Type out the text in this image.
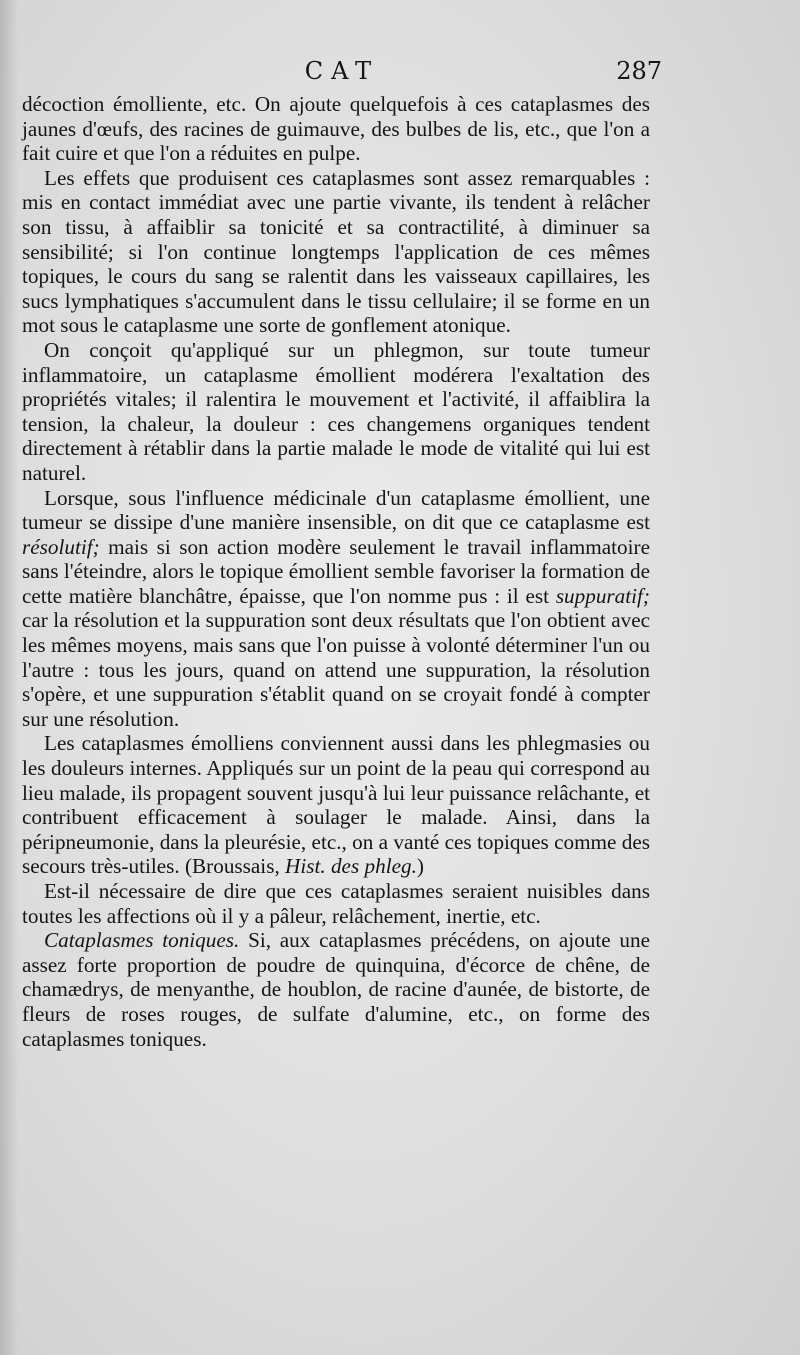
CAT	287

décoction émolliente, etc. On ajoute quelquefois à ces cataplasmes des jaunes d'œufs, des racines de guimauve, des bulbes de lis, etc., que l'on a fait cuire et que l'on a réduites en pulpe.

Les effets que produisent ces cataplasmes sont assez remarquables : mis en contact immédiat avec une partie vivante, ils tendent à relâcher son tissu, à affaiblir sa tonicité et sa contractilité, à diminuer sa sensibilité; si l'on continue longtemps l'application de ces mêmes topiques, le cours du sang se ralentit dans les vaisseaux capillaires, les sucs lymphatiques s'accumulent dans le tissu cellulaire; il se forme en un mot sous le cataplasme une sorte de gonflement atonique.

On conçoit qu'appliqué sur un phlegmon, sur toute tumeur inflammatoire, un cataplasme émollient modérera l'exaltation des propriétés vitales; il ralentira le mouvement et l'activité, il affaiblira la tension, la chaleur, la douleur : ces changemens organiques tendent directement à rétablir dans la partie malade le mode de vitalité qui lui est naturel.

Lorsque, sous l'influence médicinale d'un cataplasme émollient, une tumeur se dissipe d'une manière insensible, on dit que ce cataplasme est résolutif; mais si son action modère seulement le travail inflammatoire sans l'éteindre, alors le topique émollient semble favoriser la formation de cette matière blanchâtre, épaisse, que l'on nomme pus : il est suppuratif; car la résolution et la suppuration sont deux résultats que l'on obtient avec les mêmes moyens, mais sans que l'on puisse à volonté déterminer l'un ou l'autre : tous les jours, quand on attend une suppuration, la résolution s'opère, et une suppuration s'établit quand on se croyait fondé à compter sur une résolution.

Les cataplasmes émolliens conviennent aussi dans les phlegmasies ou les douleurs internes. Appliqués sur un point de la peau qui correspond au lieu malade, ils propagent souvent jusqu'à lui leur puissance relâchante, et contribuent efficacement à soulager le malade. Ainsi, dans la péripneumonie, dans la pleurésie, etc., on a vanté ces topiques comme des secours très-utiles. (Broussais, Hist. des phleg.)

Est-il nécessaire de dire que ces cataplasmes seraient nuisibles dans toutes les affections où il y a pâleur, relâchement, inertie, etc.

Cataplasmes toniques. Si, aux cataplasmes précédens, on ajoute une assez forte proportion de poudre de quinquina, d'écorce de chêne, de chamædrys, de menyanthe, de houblon, de racine d'aunée, de bistorte, de fleurs de roses rouges, de sulfate d'alumine, etc., on forme des cataplasmes toniques.
